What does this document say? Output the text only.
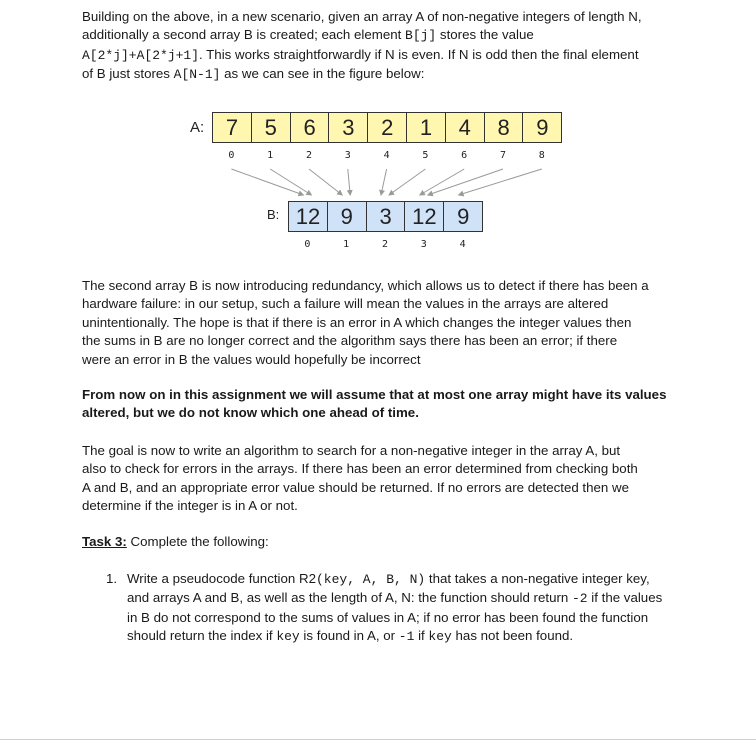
Building on the above, in a new scenario, given an array A of non-negative integers of length N,
additionally a second array B is created; each element B[j] stores the value
A[2*j]+A[2*j+1]. This works straightforwardly if N is even. If N is odd then the final element
of B just stores A[N-1] as we can see in the figure below:
A: 7	5	6	3	2	1	4	8	9
0	1	2	3	4	5	6	7	8
B: 12 9	3 12 9
0	1	2	3	4
The second array B is now introducing redundancy, which allows us to detect if there has been a
hardware failure: in our setup, such a failure will mean the values in the arrays are altered
unintentionally. The hope is that if there is an error in A which changes the integer values then
the sums in B are no longer correct and the algorithm says there has been an error; if there
were an error in B the values would hopefully be incorrect
From now on in this assignment we will assume that at most one array might have its values
altered, but we do not know which one ahead of time.
The goal is now to write an algorithm to search for a non-negative integer in the array A, but
also to check for errors in the arrays. If there has been an error determined from checking both
A and B, and an appropriate error value should be returned. If no errors are detected then we
determine if the integer is in A or not.
Task 3: Complete the following:
1. Write a pseudocode function R2(key, A, B, N) that takes a non-negative integer key,
and arrays A and B, as well as the length of A, N: the function should return -2 if the values
in B do not correspond to the sums of values in A; if no error has been found the function
should return the index if key is found in A, or -1 if key has not been found.
